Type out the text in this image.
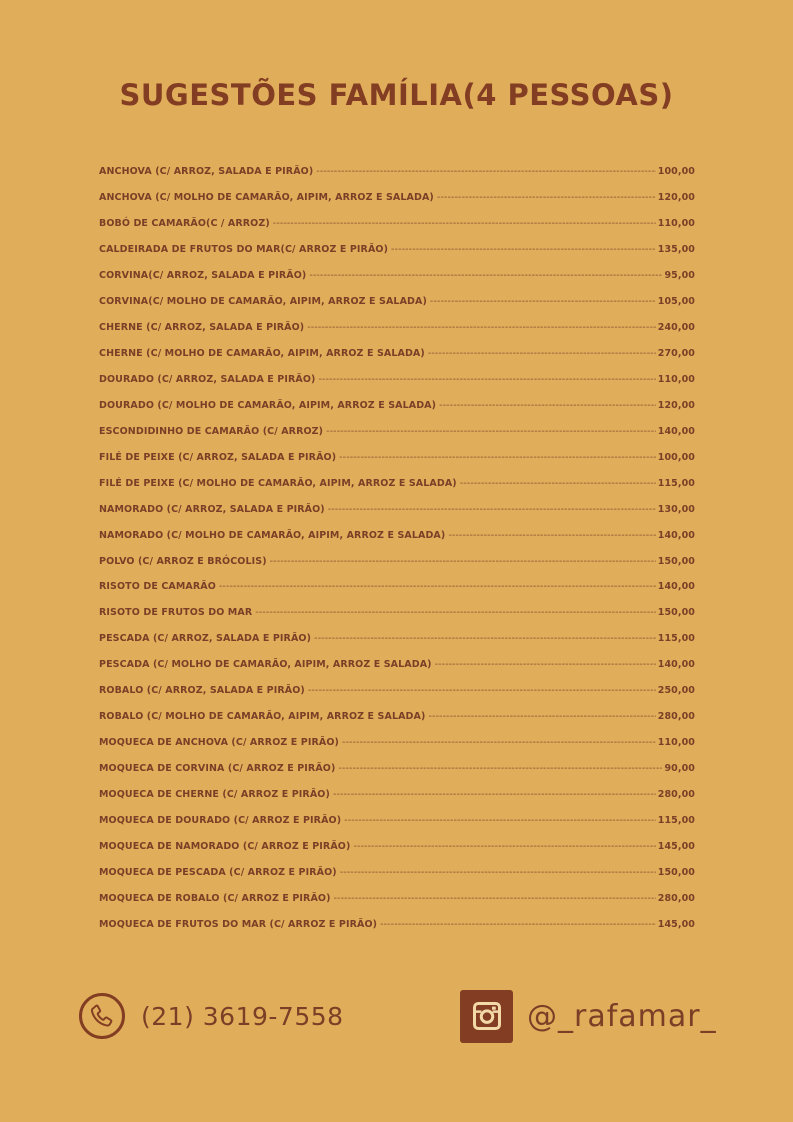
SUGESTÕES FAMÍLIA(4 PESSOAS)
ANCHOVA (C/ ARROZ, SALADA E PIRÃO) -----	100,00
ANCHOVA (C/ MOLHO DE CAMARÃO, AIPIM, ARROZ E SALADA) -----	120,00
BOBÓ DE CAMARÃO(C / ARROZ) -----	110,00
CALDEIRADA DE FRUTOS DO MAR(C/ ARROZ E PIRÃO) -----	135,00
CORVINA(C/ ARROZ, SALADA E PIRÃO) -----	95,00
CORVINA(C/ MOLHO DE CAMARÃO, AIPIM, ARROZ E SALADA) -----	105,00
CHERNE (C/ ARROZ, SALADA E PIRÃO) -----	240,00
CHERNE (C/ MOLHO DE CAMARÃO, AIPIM, ARROZ E SALADA) -----	270,00
DOURADO (C/ ARROZ, SALADA E PIRÃO) -----	110,00
DOURADO (C/ MOLHO DE CAMARÃO, AIPIM, ARROZ E SALADA) -----	120,00
ESCONDIDINHO DE CAMARÃO (C/ ARROZ) -----	140,00
FILÉ DE PEIXE (C/ ARROZ, SALADA E PIRÃO) -----	100,00
FILÉ DE PEIXE (C/ MOLHO DE CAMARÃO, AIPIM, ARROZ E SALADA) -----	115,00
NAMORADO (C/ ARROZ, SALADA E PIRÃO) -----	130,00
NAMORADO (C/ MOLHO DE CAMARÃO, AIPIM, ARROZ E SALADA) -----	140,00
POLVO (C/ ARROZ E BRÓCOLIS) -----	150,00
RISOTO DE CAMARÃO -----	140,00
RISOTO DE FRUTOS DO MAR -----	150,00
PESCADA (C/ ARROZ, SALADA E PIRÃO) -----	115,00
PESCADA (C/ MOLHO DE CAMARÃO, AIPIM, ARROZ E SALADA) -----	140,00
ROBALO (C/ ARROZ, SALADA E PIRÃO) -----	250,00
ROBALO (C/ MOLHO DE CAMARÃO, AIPIM, ARROZ E SALADA) -----	280,00
MOQUECA DE ANCHOVA (C/ ARROZ E PIRÃO) -----	110,00
MOQUECA DE CORVINA (C/ ARROZ E PIRÃO) -----	90,00
MOQUECA DE CHERNE (C/ ARROZ E PIRÃO) -----	280,00
MOQUECA DE DOURADO (C/ ARROZ E PIRÃO) -----	115,00
MOQUECA DE NAMORADO (C/ ARROZ E PIRÃO) -----	145,00
MOQUECA DE PESCADA (C/ ARROZ E PIRÃO) -----	150,00
MOQUECA DE ROBALO (C/ ARROZ E PIRÃO) -----	280,00
MOQUECA DE FRUTOS DO MAR (C/ ARROZ E PIRÃO) -----	145,00
(21) 3619-7558	@_rafamar_
